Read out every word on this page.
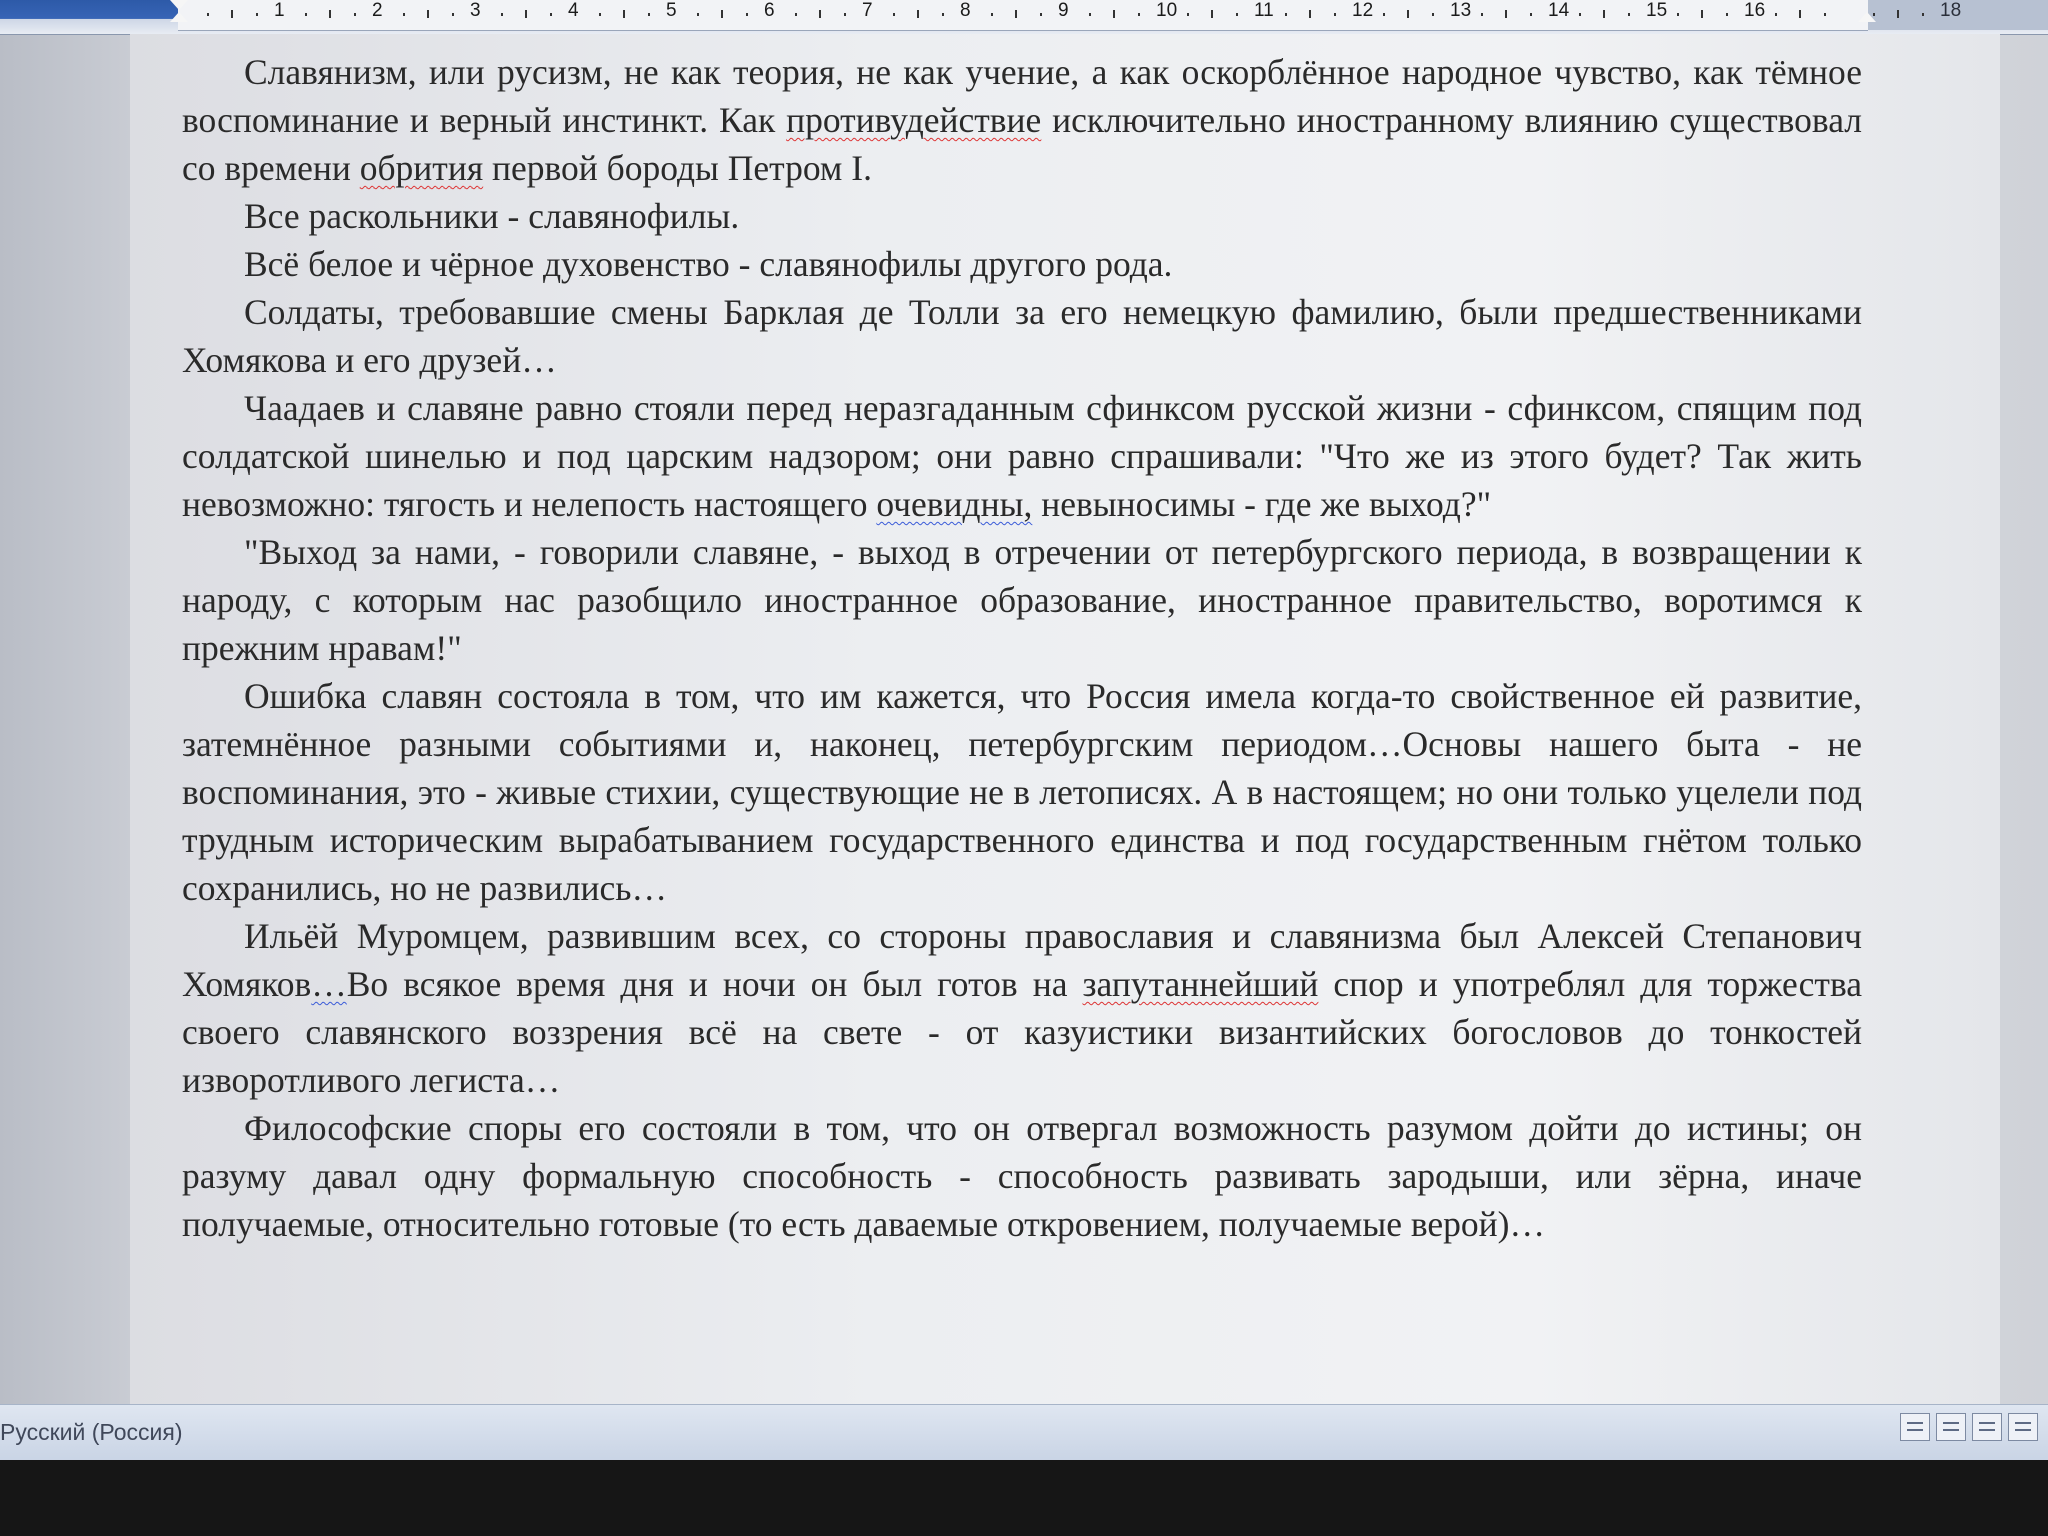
1	2	3	4	5	6	7	8	9	10	11	12	13	14	15	16	18

Славянизм, или русизм, не как теория, не как учение, а как оскорблённое народное чувство, как тёмное воспоминание и верный инстинкт. Как противудействие исключительно иностранному влиянию существовал со времени обрития первой бороды Петром I.

Все раскольники - славянофилы.

Всё белое и чёрное духовенство - славянофилы другого рода.

Солдаты, требовавшие смены Барклая де Толли за его немецкую фамилию, были предшественниками Хомякова и его друзей…

Чаадаев и славяне равно стояли перед неразгаданным сфинксом русской жизни - сфинксом, спящим под солдатской шинелью и под царским надзором; они равно спрашивали: "Что же из этого будет? Так жить невозможно: тягость и нелепость настоящего очевидны, невыносимы - где же выход?"

"Выход за нами, - говорили славяне, - выход в отречении от петербургского периода, в возвращении к народу, с которым нас разобщило иностранное образование, иностранное правительство, воротимся к прежним нравам!"

Ошибка славян состояла в том, что им кажется, что Россия имела когда-то свойственное ей развитие, затемнённое разными событиями и, наконец, петербургским периодом…Основы нашего быта - не воспоминания, это - живые стихии, существующие не в летописях. А в настоящем; но они только уцелели под трудным историческим вырабатыванием государственного единства и под государственным гнётом только сохранились, но не развились…

Ильёй Муромцем, развившим всех, со стороны православия и славянизма был Алексей Степанович Хомяков…Во всякое время дня и ночи он был готов на запутаннейший спор и употреблял для торжества своего славянского воззрения всё на свете - от казуистики византийских богословов до тонкостей изворотливого легиста…

Философские споры его состояли в том, что он отвергал возможность разумом дойти до истины; он разуму давал одну формальную способность - способность развивать зародыши, или зёрна, иначе получаемые, относительно готовые (то есть даваемые откровением, получаемые верой)…

Русский (Россия)
